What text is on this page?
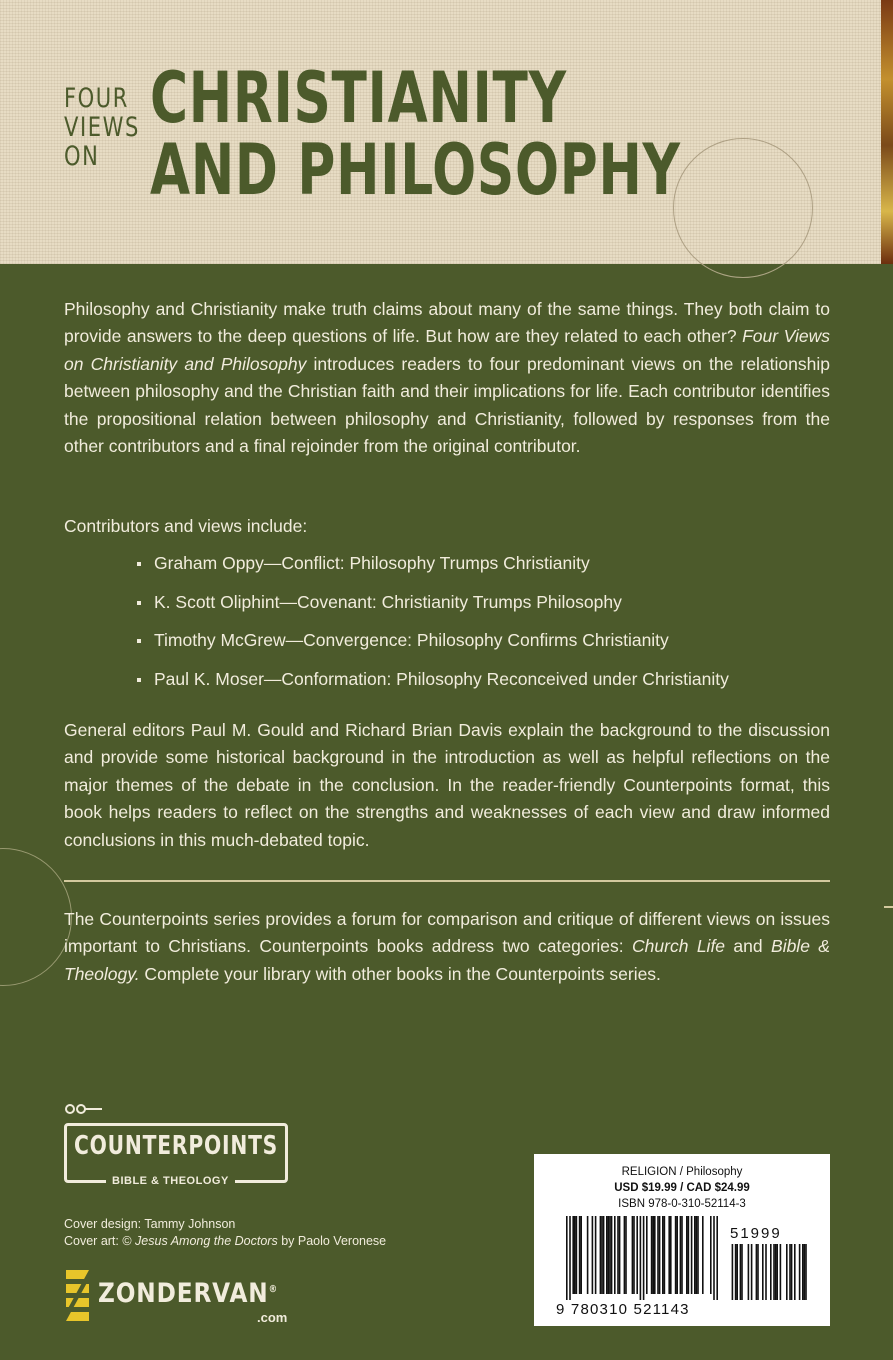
FOUR
VIEWS
ON
CHRISTIANITY
AND PHILOSOPHY
Philosophy and Christianity make truth claims about many of the same things. They both claim to provide answers to the deep questions of life. But how are they related to each other? Four Views on Christianity and Philosophy introduces readers to four predominant views on the relationship between philosophy and the Christian faith and their implications for life. Each contributor identifies the propositional relation between philosophy and Christianity, followed by responses from the other contributors and a final rejoinder from the original contributor.
Contributors and views include:
Graham Oppy—Conflict: Philosophy Trumps Christianity
K. Scott Oliphint—Covenant: Christianity Trumps Philosophy
Timothy McGrew—Convergence: Philosophy Confirms Christianity
Paul K. Moser—Conformation: Philosophy Reconceived under Christianity
General editors Paul M. Gould and Richard Brian Davis explain the background to the discussion and provide some historical background in the introduction as well as helpful reflections on the major themes of the debate in the conclusion. In the reader-friendly Counterpoints format, this book helps readers to reflect on the strengths and weaknesses of each view and draw informed conclusions in this much-debated topic.
The Counterpoints series provides a forum for comparison and critique of different views on issues important to Christians. Counterpoints books address two categories: Church Life and Bible & Theology. Complete your library with other books in the Counterpoints series.
COUNTERPOINTS
BIBLE & THEOLOGY
Cover design: Tammy Johnson
Cover art: © Jesus Among the Doctors by Paolo Veronese
ZONDERVAN®
.com
RELIGION / Philosophy
USD $19.99 / CAD $24.99
ISBN 978-0-310-52114-3
51999
9 780310 521143
